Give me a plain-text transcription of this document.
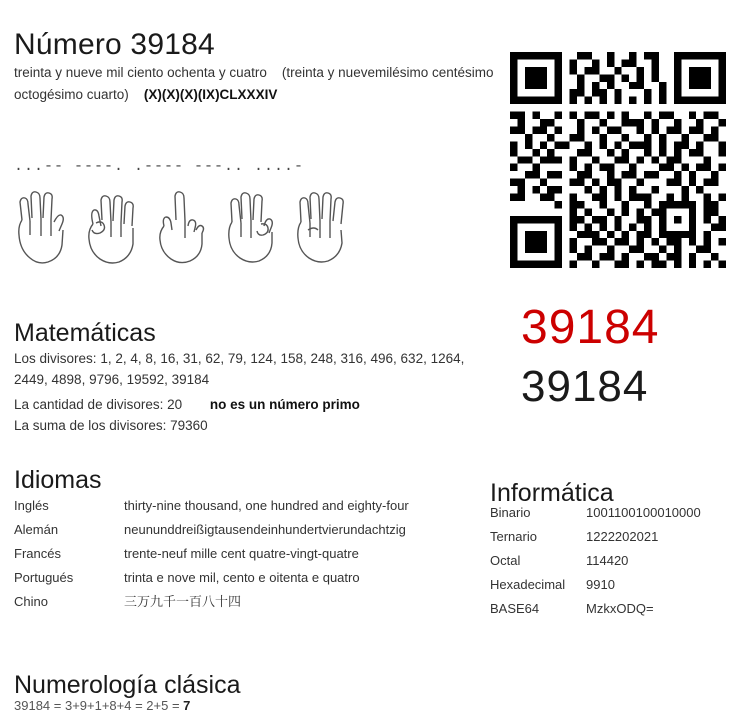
Número 39184
treinta y nueve mil ciento ochenta y cuatro (treinta y nuevemilésimo centésimo octogésimo cuarto) (X)(X)(X)(IX)CLXXXIV
...-- ----. .---- ---.. ....-
Matemáticas
Los divisores: 1, 2, 4, 8, 16, 31, 62, 79, 124, 158, 248, 316, 496, 632, 1264, 2449, 4898, 9796, 19592, 39184
La cantidad de divisores: 20 no es un número primo
La suma de los divisores: 79360
Idiomas
Inglés	thirty-nine thousand, one hundred and eighty-four
Alemán	neununddreißigtausendeinhundertvierundachtzig
Francés	trente-neuf mille cent quatre-vingt-quatre
Portugués	trinta e nove mil, cento e oitenta e quatro
Chino	三万九千一百八十四
Informática
Binario	1001100100010000
Ternario	1222202021
Octal	114420
Hexadecimal	9910
BASE64	MzkxODQ=
39184
39184
Numerología clásica
39184 = 3+9+1+8+4 = 2+5 = 7
